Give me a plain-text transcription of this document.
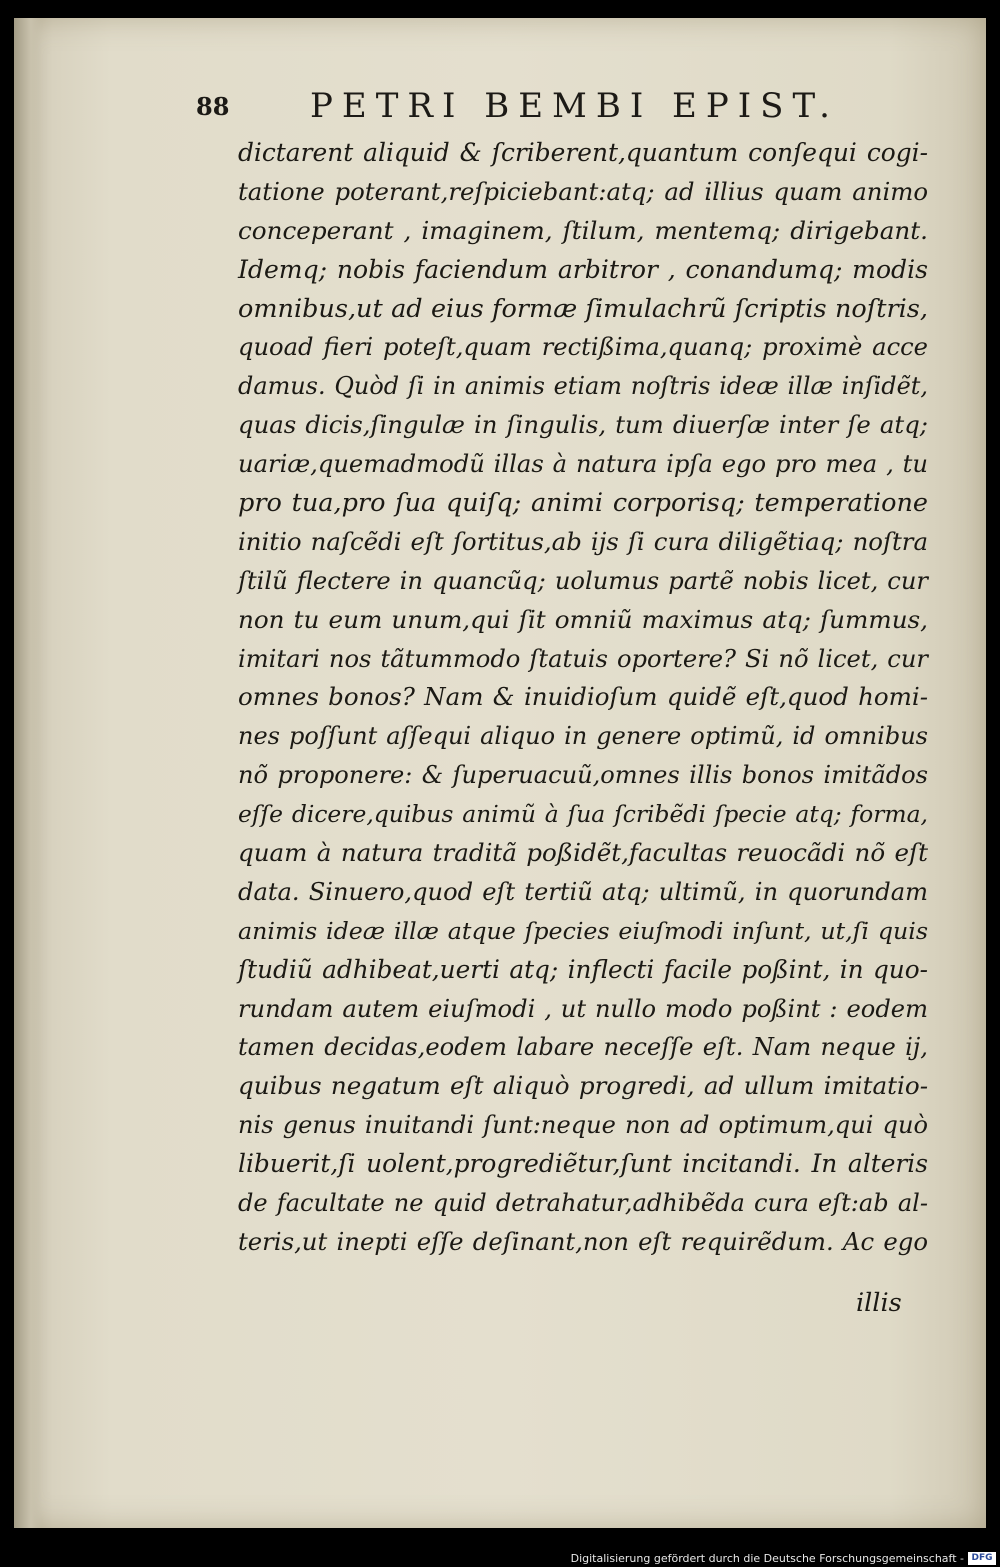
88 PETRI BEMBI EPIST.
dictarent aliquid & ſcriberent,quantum conſequi cogi-
tatione poterant,reſpiciebant:atq; ad illius quam animo
conceperant , imaginem, ſtilum, mentemq; dirigebant.
Idemq; nobis faciendum arbitror , conandumq; modis
omnibus,ut ad eius formæ ſimulachrũ ſcriptis noſtris,
quoad fieri poteſt,quam rectißima,quanq; proximè acce
damus. Quòd ſi in animis etiam noſtris ideæ illæ inſidẽt,
quas dicis,ſingulæ in ſingulis, tum diuerſæ inter ſe atq;
uariæ,quemadmodũ illas à natura ipſa ego pro mea , tu
pro tua,pro ſua quiſq; animi corporisq; temperatione
initio naſcẽdi eſt ſortitus,ab ijs ſi cura diligẽtiaq; noſtra
ſtilũ flectere in quancũq; uolumus partẽ nobis licet, cur
non tu eum unum,qui ſit omniũ maximus atq; ſummus,
imitari nos tãtummodo ſtatuis oportere? Si nõ licet, cur
omnes bonos? Nam & inuidioſum quidẽ eſt,quod homi-
nes poſſunt aſſequi aliquo in genere optimũ, id omnibus
nõ proponere: & ſuperuacuũ,omnes illis bonos imitãdos
eſſe dicere,quibus animũ à ſua ſcribẽdi ſpecie atq; forma,
quam à natura traditã poßidẽt,facultas reuocãdi nõ eſt
data. Sinuero,quod eſt tertiũ atq; ultimũ, in quorundam
animis ideæ illæ atque ſpecies eiuſmodi inſunt, ut,ſi quis
ſtudiũ adhibeat,uerti atq; inflecti facile poßint, in quo-
rundam autem eiuſmodi , ut nullo modo poßint : eodem
tamen decidas,eodem labare neceſſe eſt. Nam neque ij,
quibus negatum eſt aliquò progredi, ad ullum imitatio-
nis genus inuitandi ſunt:neque non ad optimum,qui quò
libuerit,ſi uolent,progrediẽtur,ſunt incitandi. In alteris
de facultate ne quid detrahatur,adhibẽda cura eſt:ab al-
teris,ut inepti eſſe deſinant,non eſt requirẽdum. Ac ego
illis
Digitalisierung gefördert durch die Deutsche Forschungsgemeinschaft - DFG
